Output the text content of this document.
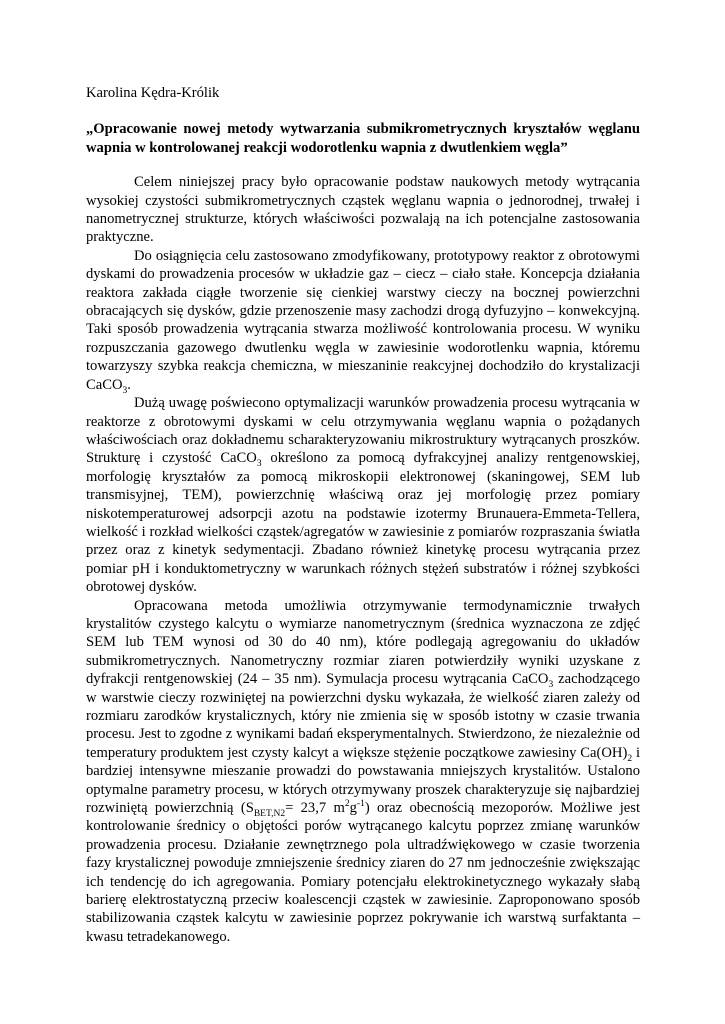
Karolina Kędra-Królik

„Opracowanie nowej metody wytwarzania submikrometrycznych kryształów węglanu wapnia w kontrolowanej reakcji wodorotlenku wapnia z dwutlenkiem węgla”

Celem niniejszej pracy było opracowanie podstaw naukowych metody wytrącania wysokiej czystości submikrometrycznych cząstek węglanu wapnia o jednorodnej, trwałej i nanometrycznej strukturze, których właściwości pozwalają na ich potencjalne zastosowania praktyczne.

Do osiągnięcia celu zastosowano zmodyfikowany, prototypowy reaktor z obrotowymi dyskami do prowadzenia procesów w układzie gaz – ciecz – ciało stałe. Koncepcja działania reaktora zakłada ciągłe tworzenie się cienkiej warstwy cieczy na bocznej powierzchni obracających się dysków, gdzie przenoszenie masy zachodzi drogą dyfuzyjno – konwekcyjną. Taki sposób prowadzenia wytrącania stwarza możliwość kontrolowania procesu. W wyniku rozpuszczania gazowego dwutlenku węgla w zawiesinie wodorotlenku wapnia, któremu towarzyszy szybka reakcja chemiczna, w mieszaninie reakcyjnej dochodziło do krystalizacji CaCO$_3$.

Dużą uwagę poświecono optymalizacji warunków prowadzenia procesu wytrącania w reaktorze z obrotowymi dyskami w celu otrzymywania węglanu wapnia o pożądanych właściwościach oraz dokładnemu scharakteryzowaniu mikrostruktury wytrącanych proszków. Strukturę i czystość CaCO$_3$ określono za pomocą dyfrakcyjnej analizy rentgenowskiej, morfologię kryształów za pomocą mikroskopii elektronowej (skaningowej, SEM lub transmisyjnej, TEM), powierzchnię właściwą oraz jej morfologię przez pomiary niskotemperaturowej adsorpcji azotu na podstawie izotermy Brunauera-Emmeta-Tellera, wielkość i rozkład wielkości cząstek/agregatów w zawiesinie z pomiarów rozpraszania światła przez oraz z kinetyk sedymentacji. Zbadano również kinetykę procesu wytrącania przez pomiar pH i konduktometryczny w warunkach różnych stężeń substratów i różnej szybkości obrotowej dysków.

Opracowana metoda umożliwia otrzymywanie termodynamicznie trwałych krystalitów czystego kalcytu o wymiarze nanometrycznym (średnica wyznaczona ze zdjęć SEM lub TEM wynosi od 30 do 40 nm), które podlegają agregowaniu do układów submikrometrycznych. Nanometryczny rozmiar ziaren potwierdziły wyniki uzyskane z dyfrakcji rentgenowskiej (24 – 35 nm). Symulacja procesu wytrącania CaCO$_3$ zachodzącego w warstwie cieczy rozwiniętej na powierzchni dysku wykazała, że wielkość ziaren zależy od rozmiaru zarodków krystalicznych, który nie zmienia się w sposób istotny w czasie trwania procesu. Jest to zgodne z wynikami badań eksperymentalnych. Stwierdzono, że niezależnie od temperatury produktem jest czysty kalcyt a większe stężenie początkowe zawiesiny $Ca(OH)_2$ i bardziej intensywne mieszanie prowadzi do powstawania mniejszych krystalitów. Ustalono optymalne parametry procesu, w których otrzymywany proszek charakteryzuje się najbardziej rozwiniętą powierzchnią ($S_{BET,N2}= 23,7$ $m^2g^{-1}$) oraz obecnością mezoporów. Możliwe jest kontrolowanie średnicy o objętości porów wytrącanego kalcytu poprzez zmianę warunków prowadzenia procesu. Działanie zewnętrznego pola ultradźwiękowego w czasie tworzenia fazy krystalicznej powoduje zmniejszenie średnicy ziaren do 27 nm jednocześnie zwiększając ich tendencję do ich agregowania. Pomiary potencjału elektrokinetycznego wykazały słabą barierę elektrostatyczną przeciw koalescencji cząstek w zawiesinie. Zaproponowano sposób stabilizowania cząstek kalcytu w zawiesinie poprzez pokrywanie ich warstwą surfaktanta – kwasu tetradekanowego.
